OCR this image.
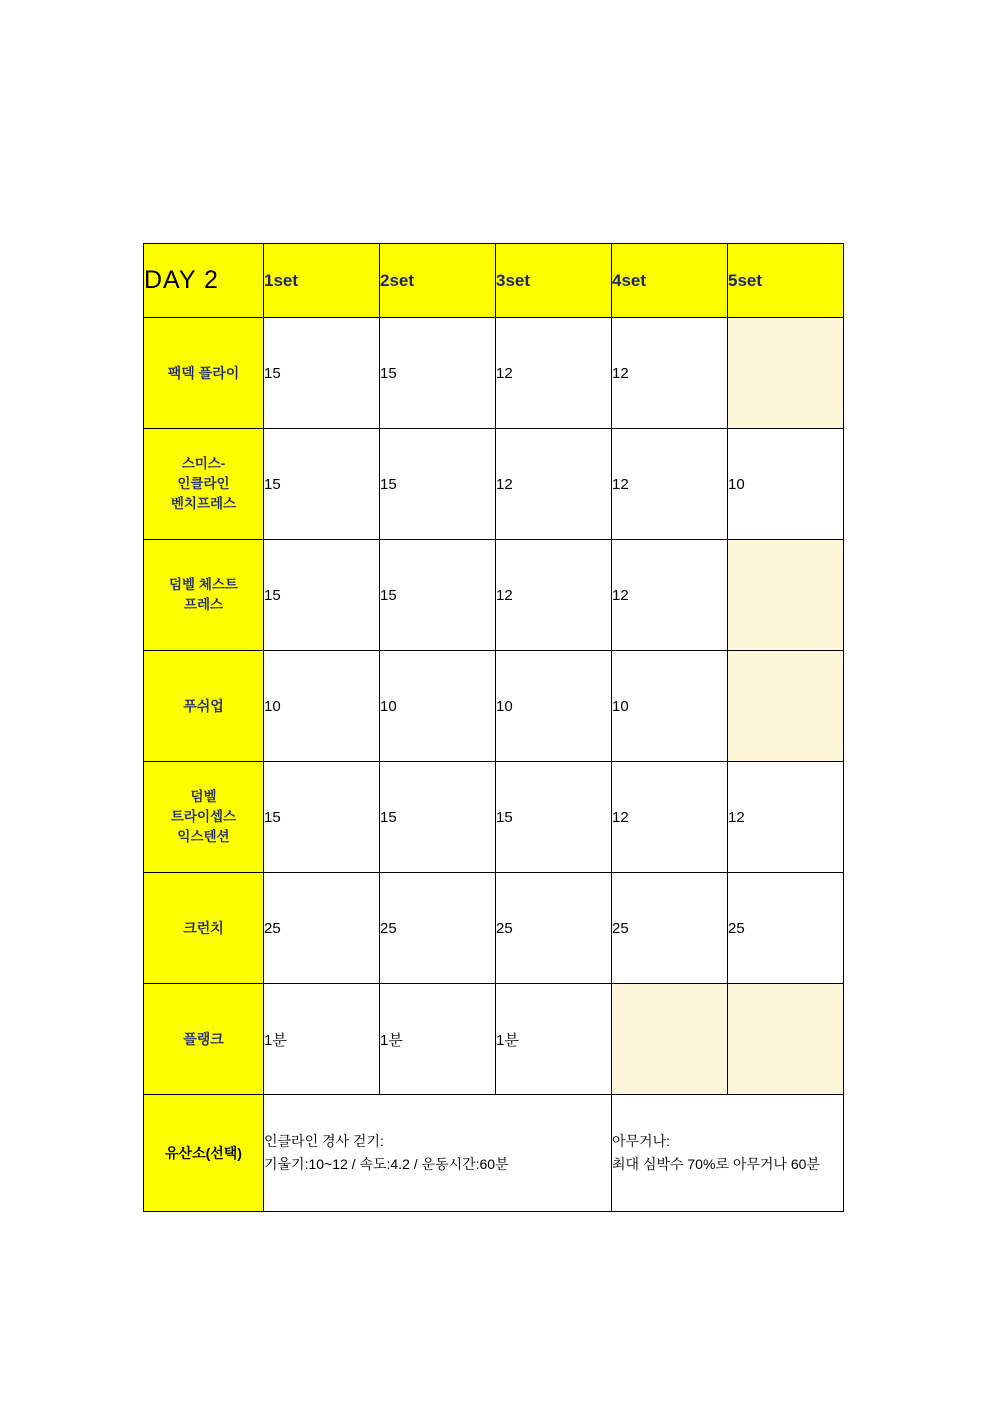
DAY 2	1set	2set	3set	4set	5set
팩덱 플라이	15	15	12	12	

스미스-
인클라인
벤치프레스	15	15	12	12	10

덤벨 체스트
프레스	15	15	12	12	
푸쉬업	10	10	10	10	

덤벨
트라이셉스
익스텐션	15	15	15	12	12
크런치	25	25	25	25	25
플랭크	1분	1분	1분		
유산소(선택)	인클라인 경사 걷기:
기울기:10~12 / 속도:4.2 / 운동시간:60분			아무거나:
최대 심박수 70%로 아무거나 60분	
